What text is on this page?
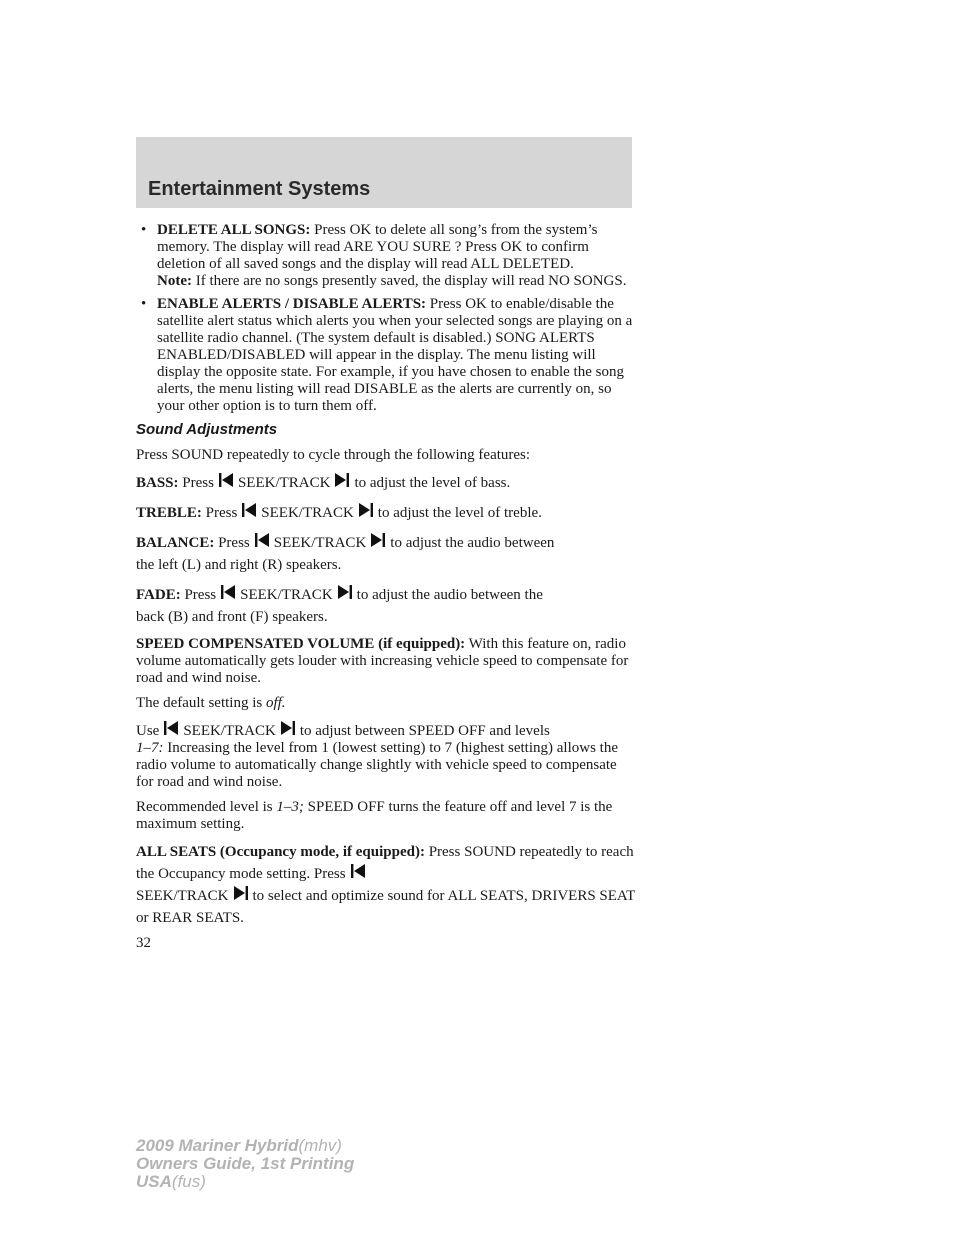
Entertainment Systems
• DELETE ALL SONGS: Press OK to delete all song’s from the system’s memory. The display will read ARE YOU SURE ? Press OK to confirm deletion of all saved songs and the display will read ALL DELETED.
Note: If there are no songs presently saved, the display will read NO SONGS.
• ENABLE ALERTS / DISABLE ALERTS: Press OK to enable/disable the satellite alert status which alerts you when your selected songs are playing on a satellite radio channel. (The system default is disabled.) SONG ALERTS ENABLED/DISABLED will appear in the display. The menu listing will display the opposite state. For example, if you have chosen to enable the song alerts, the menu listing will read DISABLE as the alerts are currently on, so your other option is to turn them off.
Sound Adjustments

Press SOUND repeatedly to cycle through the following features:

BASS: Press SEEK/TRACK to adjust the level of bass.

TREBLE: Press SEEK/TRACK to adjust the level of treble.

BALANCE: Press SEEK/TRACK to adjust the audio between
the left (L) and right (R) speakers.

FADE: Press SEEK/TRACK to adjust the audio between the
back (B) and front (F) speakers.

SPEED COMPENSATED VOLUME (if equipped): With this feature on, radio volume automatically gets louder with increasing vehicle speed to compensate for road and wind noise.

The default setting is off.

Use SEEK/TRACK to adjust between SPEED OFF and levels
1–7: Increasing the level from 1 (lowest setting) to 7 (highest setting) allows the radio volume to automatically change slightly with vehicle speed to compensate for road and wind noise.

Recommended level is 1–3; SPEED OFF turns the feature off and level 7 is the maximum setting.

ALL SEATS (Occupancy mode, if equipped): Press SOUND repeatedly to reach the Occupancy mode setting. Press
SEEK/TRACK to select and optimize sound for ALL SEATS, DRIVERS SEAT or REAR SEATS.

32
2009 Mariner Hybrid(mhv)
Owners Guide, 1st Printing
USA(fus)
